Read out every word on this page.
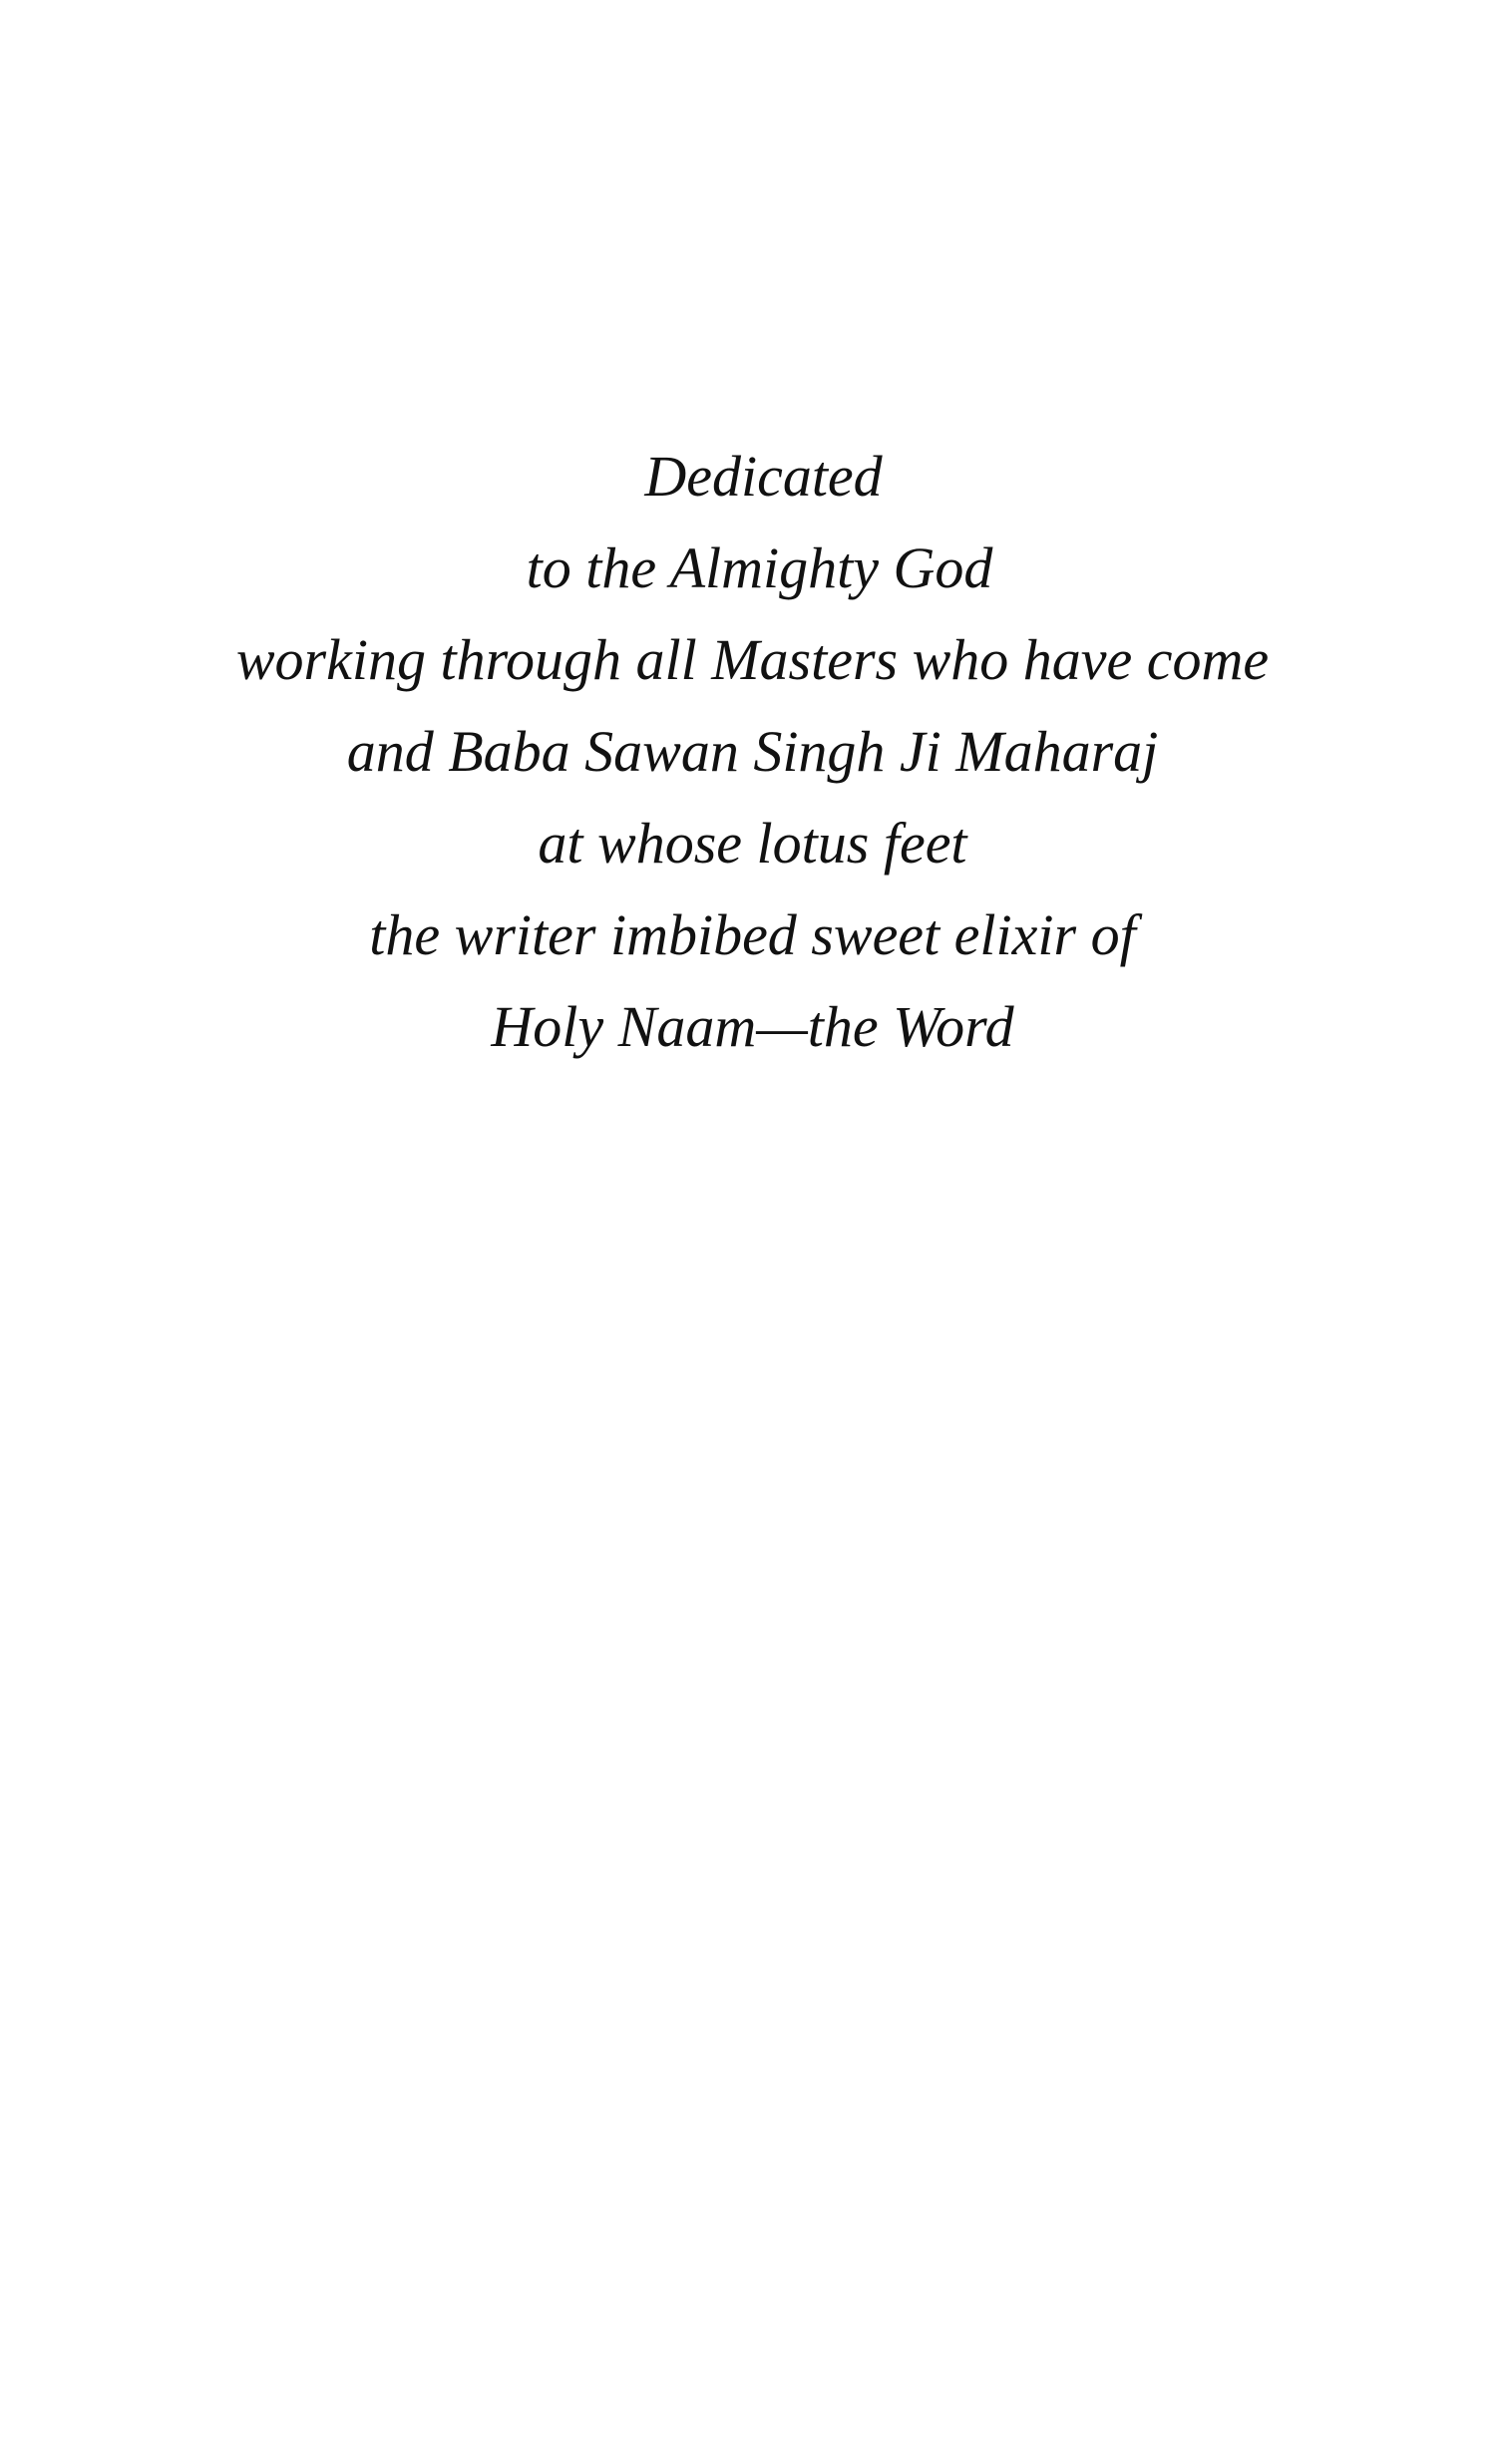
Dedicated

to the Almighty God

working through all Masters who have come

and Baba Sawan Singh Ji Maharaj

at whose lotus feet

the writer imbibed sweet elixir of

Holy Naam—the Word
